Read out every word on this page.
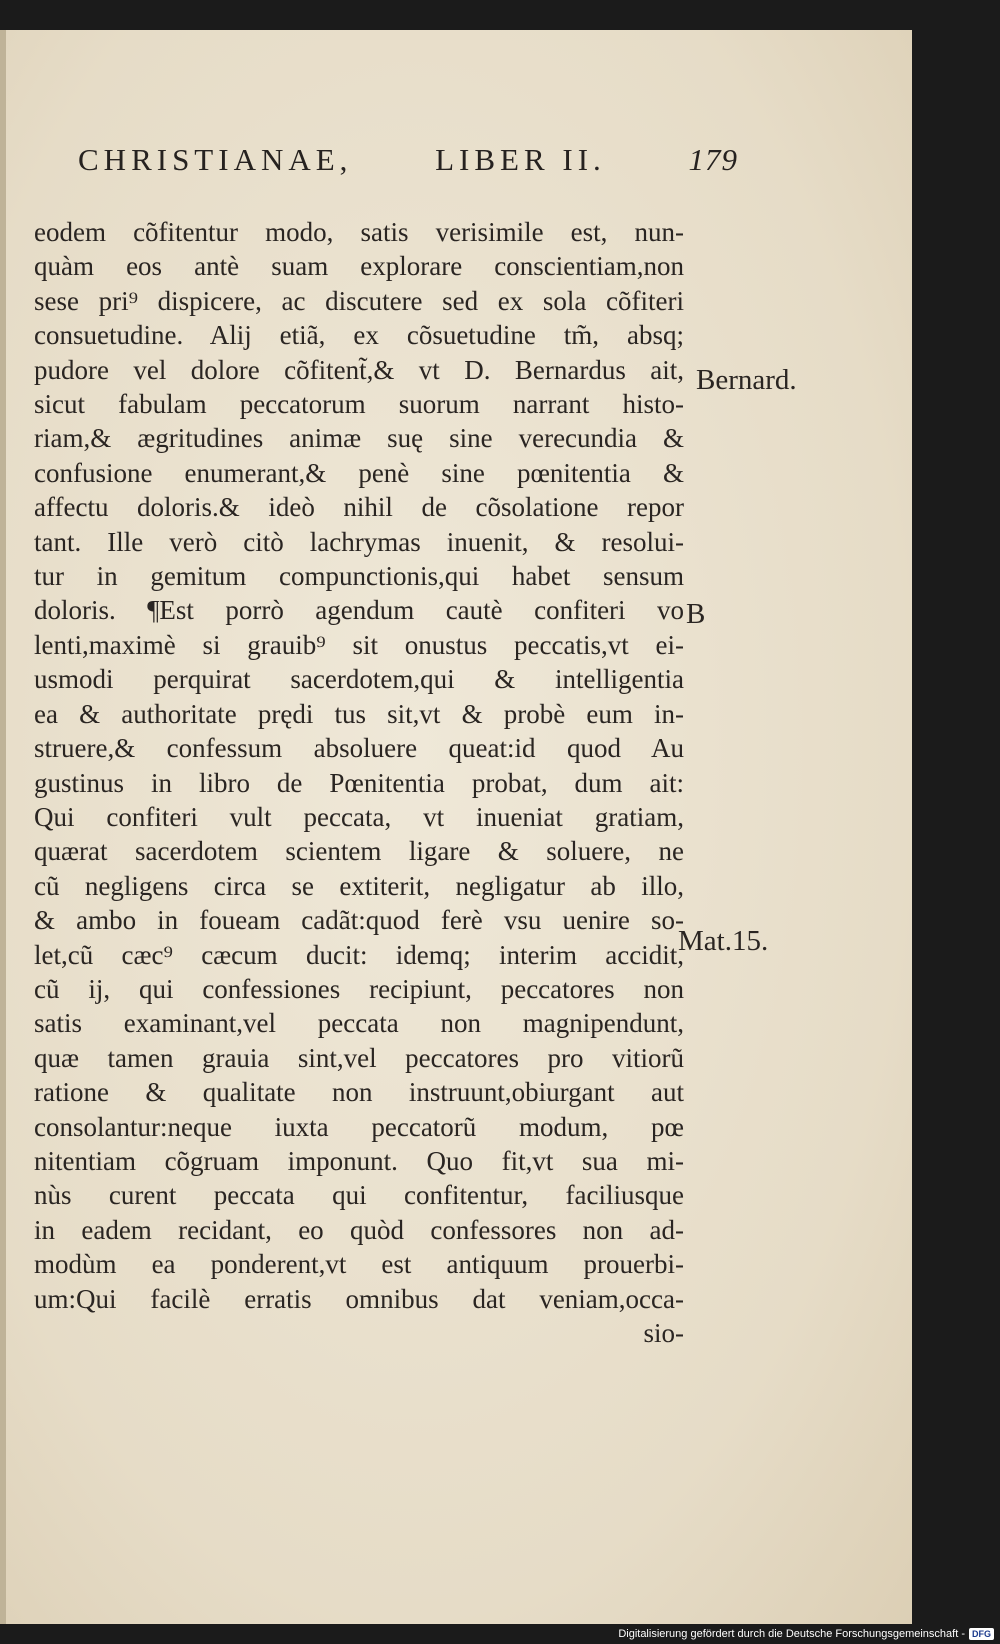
CHRISTIANAE,	LIBER II.	179
eodem cõfitentur modo, satis verisimile est, nun-
quàm eos antè suam explorare conscientiam,non
sese pri⁹ dispicere, ac discutere sed ex sola cõfiteri
consuetudine. Alij etiã, ex cõsuetudine tm̃, absq;
pudore vel dolore cõfitent̃,& vt D. Bernardus ait,
sicut fabulam peccatorum suorum narrant histo-
riam,& ægritudines animæ suę sine verecundia &
confusione enumerant,& penè sine pœnitentia &
affectu doloris.& ideò nihil de cõsolatione repor
tant. Ille verò citò lachrymas inuenit, & resolui-
tur in gemitum compunctionis,qui habet sensum
doloris. ¶Est porrò agendum cautè confiteri vo
lenti,maximè si grauib⁹ sit onustus peccatis,vt ei-
usmodi perquirat sacerdotem,qui & intelligentia
ea & authoritate prędi tus sit,vt & probè eum in-
struere,& confessum absoluere queat:id quod Au
gustinus in libro de Pœnitentia probat, dum ait:
Qui confiteri vult peccata, vt inueniat gratiam,
quærat sacerdotem scientem ligare & soluere, ne
cũ negligens circa se extiterit, negligatur ab illo,
& ambo in foueam cadãt:quod ferè vsu uenire so-
let,cũ cæc⁹ cæcum ducit: idemq; interim accidit,
cũ ij, qui confessiones recipiunt, peccatores non
satis examinant,vel peccata non magnipendunt,
quæ tamen grauia sint,vel peccatores pro vitiorũ
ratione & qualitate non instruunt,obiurgant aut
consolantur:neque iuxta peccatorũ modum, pœ
nitentiam cõgruam imponunt. Quo fit,vt sua mi-
nùs curent peccata qui confitentur, faciliusque
in eadem recidant, eo quòd confessores non ad-
modùm ea ponderent,vt est antiquum prouerbi-
um:Qui facilè erratis omnibus dat veniam,occa-
sio-
Bernard.
B
Mat.15.
Digitalisierung gefördert durch die Deutsche Forschungsgemeinschaft - DFG
